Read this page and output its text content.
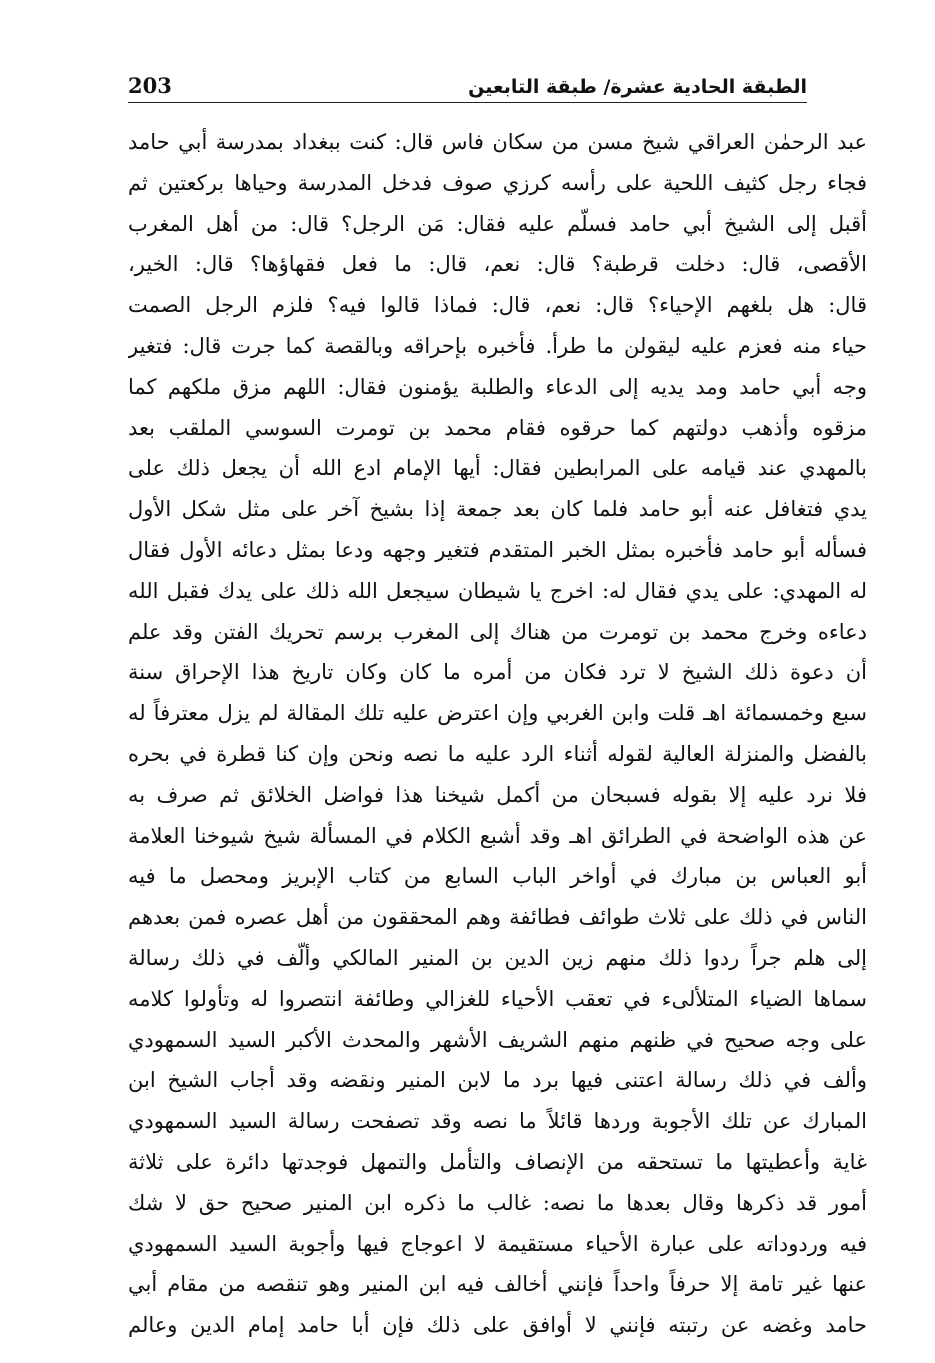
203	الطبقة الحادية عشرة/ طبقة التابعين
عبد الرحمٰن العراقي شيخ مسن من سكان فاس قال: كنت ببغداد بمدرسة أبي حامد
فجاء رجل كثيف اللحية على رأسه كرزي صوف فدخل المدرسة وحياها بركعتين ثم
أقبل إلى الشيخ أبي حامد فسلّم عليه فقال: مَن الرجل؟ قال: من أهل المغرب
الأقصى، قال: دخلت قرطبة؟ قال: نعم، قال: ما فعل فقهاؤها؟ قال: الخير،
قال: هل بلغهم الإحياء؟ قال: نعم، قال: فماذا قالوا فيه؟ فلزم الرجل الصمت
حياء منه فعزم عليه ليقولن ما طرأ. فأخبره بإحراقه وبالقصة كما جرت قال: فتغير
وجه أبي حامد ومد يديه إلى الدعاء والطلبة يؤمنون فقال: اللهم مزق ملكهم كما
مزقوه وأذهب دولتهم كما حرقوه فقام محمد بن تومرت السوسي الملقب بعد
بالمهدي عند قيامه على المرابطين فقال: أيها الإمام ادع الله أن يجعل ذلك على
يدي فتغافل عنه أبو حامد فلما كان بعد جمعة إذا بشيخ آخر على مثل شكل الأول
فسأله أبو حامد فأخبره بمثل الخبر المتقدم فتغير وجهه ودعا بمثل دعائه الأول فقال
له المهدي: على يدي فقال له: اخرج يا شيطان سيجعل الله ذلك على يدك فقبل الله
دعاءه وخرج محمد بن تومرت من هناك إلى المغرب برسم تحريك الفتن وقد علم
أن دعوة ذلك الشيخ لا ترد فكان من أمره ما كان وكان تاريخ هذا الإحراق سنة
سبع وخمسمائة اهـ قلت وابن الغربي وإن اعترض عليه تلك المقالة لم يزل معترفاً له
بالفضل والمنزلة العالية لقوله أثناء الرد عليه ما نصه ونحن وإن كنا قطرة في بحره
فلا نرد عليه إلا بقوله فسبحان من أكمل شيخنا هذا فواضل الخلائق ثم صرف به
عن هذه الواضحة في الطرائق اهـ وقد أشبع الكلام في المسألة شيخ شيوخنا العلامة
أبو العباس بن مبارك في أواخر الباب السابع من كتاب الإبريز ومحصل ما فيه
الناس في ذلك على ثلاث طوائف فطائفة وهم المحققون من أهل عصره فمن بعدهم
إلى هلم جراً ردوا ذلك منهم زين الدين بن المنير المالكي وألّف في ذلك رسالة
سماها الضياء المتلألىء في تعقب الأحياء للغزالي وطائفة انتصروا له وتأولوا كلامه
على وجه صحيح في ظنهم منهم الشريف الأشهر والمحدث الأكبر السيد السمهودي
وألف في ذلك رسالة اعتنى فيها برد ما لابن المنير ونقضه وقد أجاب الشيخ ابن
المبارك عن تلك الأجوبة وردها قائلاً ما نصه وقد تصفحت رسالة السيد السمهودي
غاية وأعطيتها ما تستحقه من الإنصاف والتأمل والتمهل فوجدتها دائرة على ثلاثة
أمور قد ذكرها وقال بعدها ما نصه: غالب ما ذكره ابن المنير صحيح حق لا شك
فيه وردوداته على عبارة الأحياء مستقيمة لا اعوجاج فيها وأجوبة السيد السمهودي
عنها غير تامة إلا حرفاً واحداً فإنني أخالف فيه ابن المنير وهو تنقصه من مقام أبي
حامد وغضه عن رتبته فإنني لا أوافق على ذلك فإن أبا حامد إمام الدين وعالم
